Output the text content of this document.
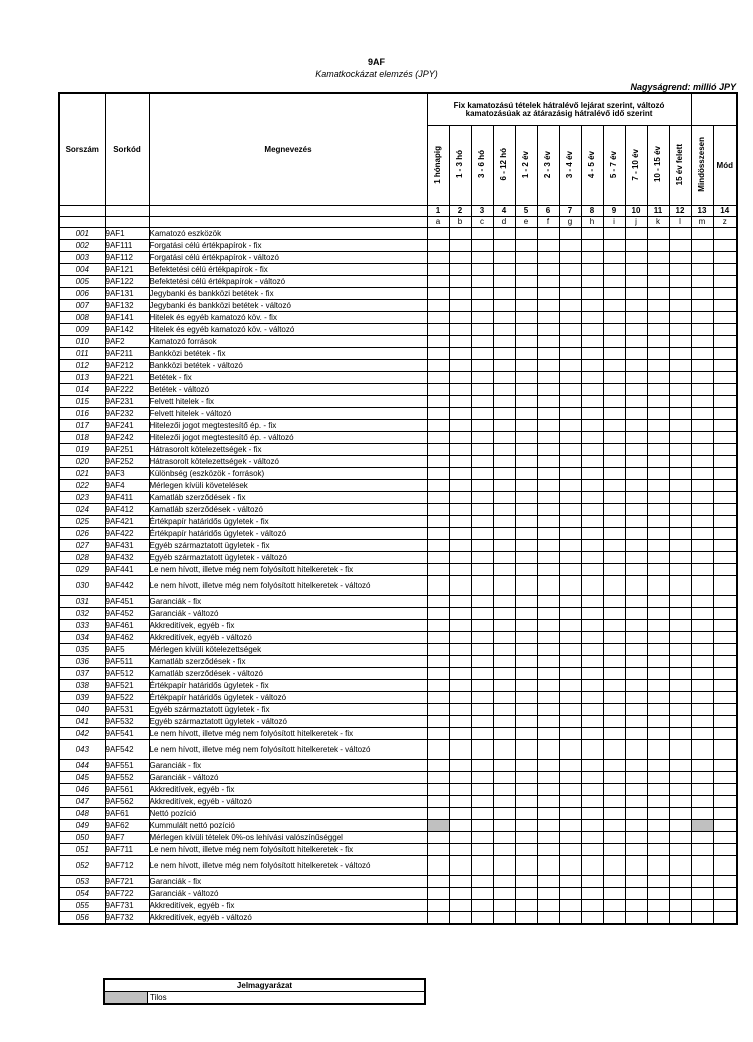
9AF
Kamatkockázat elemzés (JPY)
Nagyságrend: millió JPY
Sorszám	Sorkód	Megnevezés	Fix kamatozású tételek hátralévő lejárat szerint, változó kamatozásúak az átárazásig hátralévő idő szerint													
			1 hónapig	1 - 3 hó	3 - 6 hó	6 - 12 hó	1 - 2 év	2 - 3 év	3 - 4 év	4 - 5 év	5 - 7 év	7 - 10 év	10 - 15 év	15 év felett	Mindösszesen	Mód
			1	2	3	4	5	6	7	8	9	10	11	12	13	14
			a	b	c	d	e	f	g	h	i	j	k	l	m	z
001	9AF1	Kamatozó eszközök														
002	9AF111	Forgatási célú értékpapírok - fix														
003	9AF112	Forgatási célú értékpapírok - változó														
004	9AF121	Befektetési célú értékpapírok - fix														
005	9AF122	Befektetési célú értékpapírok - változó														
006	9AF131	Jegybanki és bankközi betétek - fix														
007	9AF132	Jegybanki és bankközi betétek - változó														
008	9AF141	Hitelek és egyéb kamatozó köv. - fix														
009	9AF142	Hitelek és egyéb kamatozó köv. - változó														
010	9AF2	Kamatozó források														
011	9AF211	Bankközi betétek - fix														
012	9AF212	Bankközi betétek - változó														
013	9AF221	Betétek - fix														
014	9AF222	Betétek - változó														
015	9AF231	Felvett hitelek - fix														
016	9AF232	Felvett hitelek - változó														
017	9AF241	Hitelezői jogot megtestesítő ép. - fix														
018	9AF242	Hitelezői jogot megtestesítő ép. - változó														
019	9AF251	Hátrasorolt kötelezettségek - fix														
020	9AF252	Hátrasorolt kötelezettségek - változó														
021	9AF3	Különbség (eszközök - források)														
022	9AF4	Mérlegen kívüli követelések														
023	9AF411	Kamatláb szerződések - fix														
024	9AF412	Kamatláb szerződések - változó														
025	9AF421	Értékpapír határidős ügyletek - fix														
026	9AF422	Értékpapír határidős ügyletek - változó														
027	9AF431	Egyéb származtatott ügyletek - fix														
028	9AF432	Egyéb származtatott ügyletek - változó														
029	9AF441	Le nem hívott, illetve még nem folyósított hitelkeretek - fix														
030	9AF442	Le nem hívott, illetve még nem folyósított hitelkeretek - változó														
031	9AF451	Garanciák - fix														
032	9AF452	Garanciák - változó														
033	9AF461	Akkreditívek, egyéb - fix														
034	9AF462	Akkreditívek, egyéb - változó														
035	9AF5	Mérlegen kívüli kötelezettségek														
036	9AF511	Kamatláb szerződések - fix														
037	9AF512	Kamatláb szerződések - változó														
038	9AF521	Értékpapír határidős ügyletek - fix														
039	9AF522	Értékpapír határidős ügyletek - változó														
040	9AF531	Egyéb származtatott ügyletek - fix														
041	9AF532	Egyéb származtatott ügyletek - változó														
042	9AF541	Le nem hívott, illetve még nem folyósított hitelkeretek - fix														
043	9AF542	Le nem hívott, illetve még nem folyósított hitelkeretek - változó														
044	9AF551	Garanciák - fix														
045	9AF552	Garanciák - változó														
046	9AF561	Akkreditívek, egyéb - fix														
047	9AF562	Akkreditívek, egyéb - változó														
048	9AF61	Nettó pozíció														
049	9AF62	Kummulált nettó pozíció														
050	9AF7	Mérlegen kívüli tételek 0%-os lehívási valószínűséggel														
051	9AF711	Le nem hívott, illetve még nem folyósított hitelkeretek - fix														
052	9AF712	Le nem hívott, illetve még nem folyósított hitelkeretek - változó														
053	9AF721	Garanciák - fix														
054	9AF722	Garanciák - változó														
055	9AF731	Akkreditívek, egyéb - fix														
056	9AF732	Akkreditívek, egyéb - változó														
Jelmagyarázat
	Tilos
